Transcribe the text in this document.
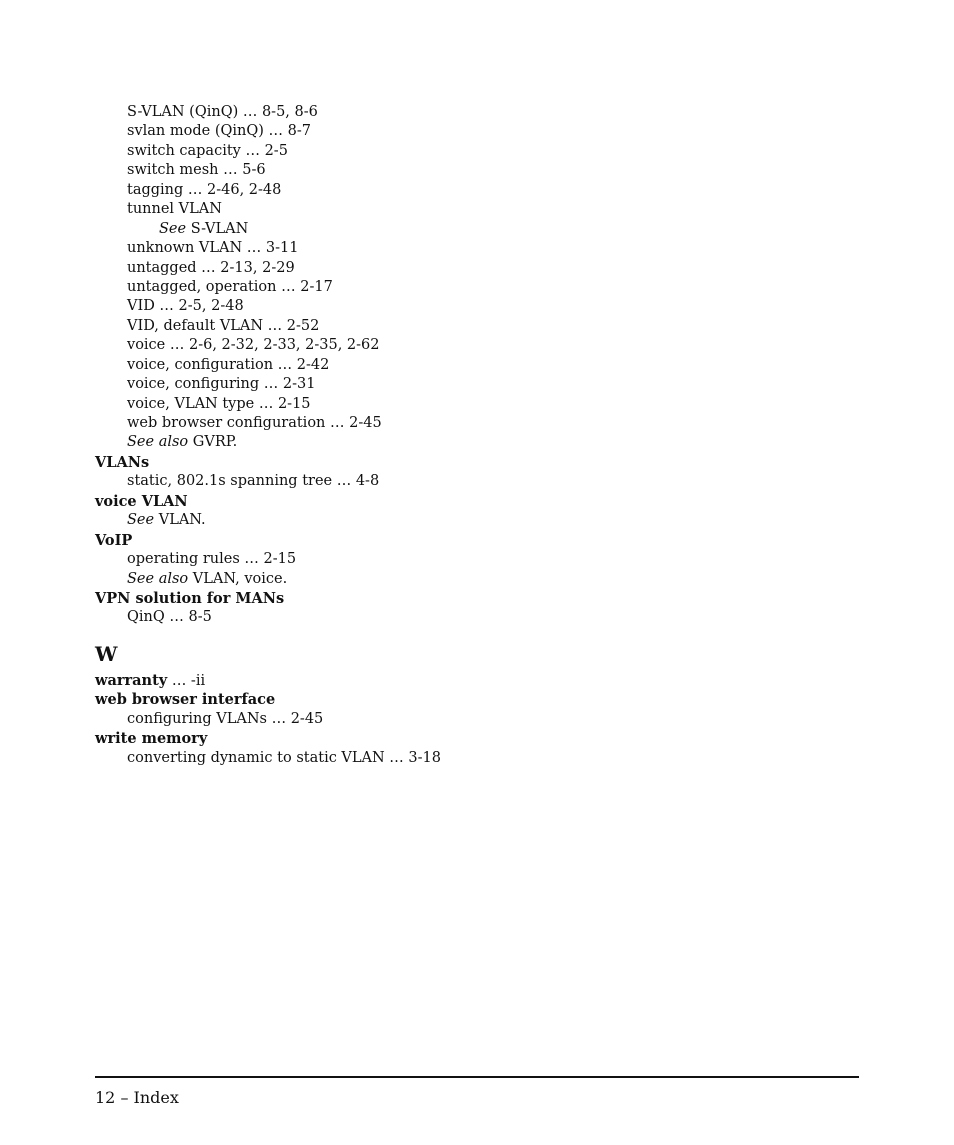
S-VLAN (QinQ) … 8-5, 8-6
svlan mode (QinQ) … 8-7
switch capacity … 2-5
switch mesh … 5-6
tagging … 2-46, 2-48
tunnel VLAN
See S-VLAN
unknown VLAN … 3-11
untagged … 2-13, 2-29
untagged, operation … 2-17
VID … 2-5, 2-48
VID, default VLAN … 2-52
voice … 2-6, 2-32, 2-33, 2-35, 2-62
voice, configuration … 2-42
voice, configuring … 2-31
voice, VLAN type … 2-15
web browser configuration … 2-45
See also GVRP.
VLANs
static, 802.1s spanning tree … 4-8
voice VLAN
See VLAN.
VoIP
operating rules … 2-15
See also VLAN, voice.
VPN solution for MANs
QinQ … 8-5
W
warranty … -ii
web browser interface
configuring VLANs … 2-45
write memory
converting dynamic to static VLAN … 3-18
12 – Index
